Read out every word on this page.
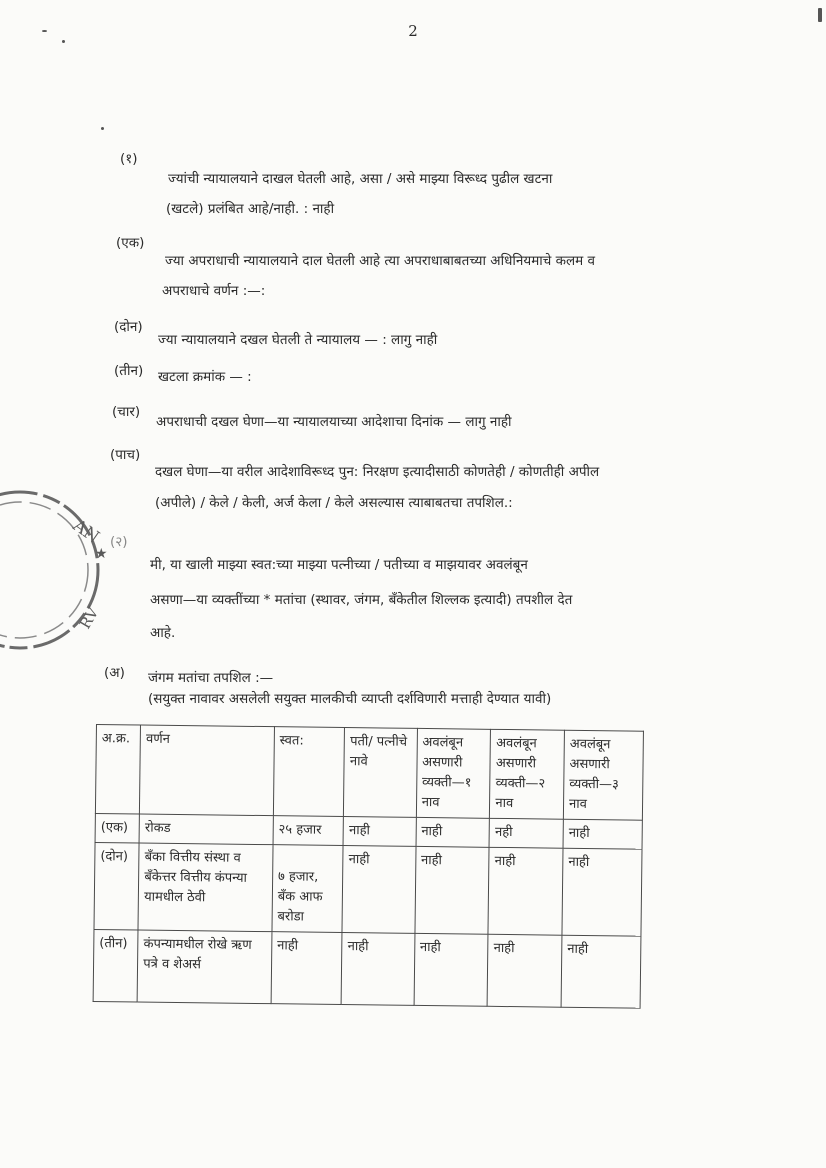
2
(१)
ज्यांची न्यायालयाने दाखल घेतली आहे, असा / असे माझ्या विरूध्द पुढील खटना
(खटले) प्रलंबित आहे/नाही. : नाही
(एक)
ज्या अपराधाची न्यायालयाने दाल घेतली आहे त्या अपराधाबाबतच्या अधिनियमाचे कलम व
अपराधाचे वर्णन :—:
(दोन)
ज्या न्यायालयाने दखल घेतली ते न्यायालय — : लागु नाही
(तीन) खटला क्रमांक — :
(चार)
अपराधाची दखल घेणा—या न्यायालयाच्या आदेशाचा दिनांक — लागु नाही
(पाच)
दखल घेणा—या वरील आदेशाविरूध्द पुन: निरक्षण इत्यादीसाठी कोणतेही / कोणतीही अपील
(अपीले) / केले / केली, अर्ज केला / केले असल्यास त्याबाबतचा तपशिल.:
(२)
मी, या खाली माझ्या स्वत:च्या माझ्या पत्नीच्या / पतीच्या व माझयावर अवलंबून
असणा—या व्यक्तींच्या * मतांचा (स्थावर, जंगम, बँकेतील शिल्लक इत्यादी) तपशील देत
आहे.
(अ) जंगम मतांचा तपशिल :—
(सयुक्त नावावर असलेली सयुक्त मालकीची व्याप्ती दर्शविणारी मत्ताही देण्यात यावी)
AN
RV
★
अ.क्र.	वर्णन	स्वत:	पती/ पत्नीचे नावे	अवलंबून असणारी व्यक्ती—१ नाव	अवलंबून असणारी व्यक्ती—२ नाव	अवलंबून असणारी व्यक्ती—३ नाव
(एक)	रोकड	२५ हजार	नाही	नाही	नही	नाही
(दोन)	बँका वित्तीय संस्था व बँकेत्तर वित्तीय कंपन्या यामधील ठेवी	७ हजार, बँक आफ बरोडा	नाही	नाही	नाही	नाही
(तीन)	कंपन्यामधील रोखे ऋण पत्रे व शेअर्स	नाही	नाही	नाही	नाही	नाही
